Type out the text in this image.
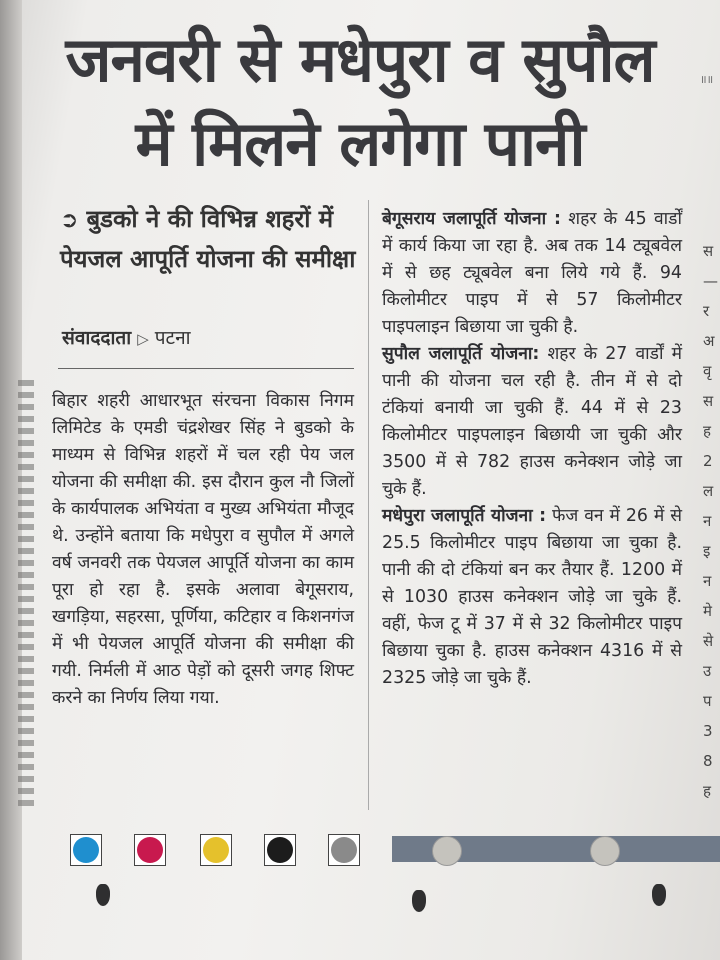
जनवरी से मधेपुरा व सुपौल
में मिलने लगेगा पानी
॥॥
➲ बुडको ने की विभिन्न शहरों में पेयजल आपूर्ति योजना की समीक्षा
संवाददाता ▷ पटना

बिहार शहरी आधारभूत संरचना विकास निगम लिमिटेड के एमडी चंद्रशेखर सिंह ने बुडको के माध्यम से विभिन्न शहरों में चल रही पेय जल योजना की समीक्षा की. इस दौरान कुल नौ जिलों के कार्यपालक अभियंता व मुख्य अभियंता मौजूद थे. उन्होंने बताया कि मधेपुरा व सुपौल में अगले वर्ष जनवरी तक पेयजल आपूर्ति योजना का काम पूरा हो रहा है. इसके अलावा बेगूसराय, खगड़िया, सहरसा, पूर्णिया, कटिहार व किशनगंज में भी पेयजल आपूर्ति योजना की समीक्षा की गयी. निर्मली में आठ पेड़ों को दूसरी जगह शिफ्ट करने का निर्णय लिया गया.

बेगूसराय जलापूर्ति योजना : शहर के 45 वार्डों में कार्य किया जा रहा है. अब तक 14 ट्यूबवेल में से छह ट्यूबवेल बना लिये गये हैं. 94 किलोमीटर पाइप में से 57 किलोमीटर पाइपलाइन बिछाया जा चुकी है.

सुपौल जलापूर्ति योजना: शहर के 27 वार्डों में पानी की योजना चल रही है. तीन में से दो टंकियां बनायी जा चुकी हैं. 44 में से 23 किलोमीटर पाइपलाइन बिछायी जा चुकी और 3500 में से 782 हाउस कनेक्शन जोड़े जा चुके हैं.

मधेपुरा जलापूर्ति योजना : फेज वन में 26 में से 25.5 किलोमीटर पाइप बिछाया जा चुका है. पानी की दो टंकियां बन कर तैयार हैं. 1200 में से 1030 हाउस कनेक्शन जोड़े जा चुके हैं. वहीं, फेज टू में 37 में से 32 किलोमीटर पाइप बिछाया चुका है. हाउस कनेक्शन 4316 में से 2325 जोड़े जा चुके हैं.

स
—
र
अ
वृ
स
ह
2
ल
न
इ
न
मे
से
उ
प
3
8
ह
